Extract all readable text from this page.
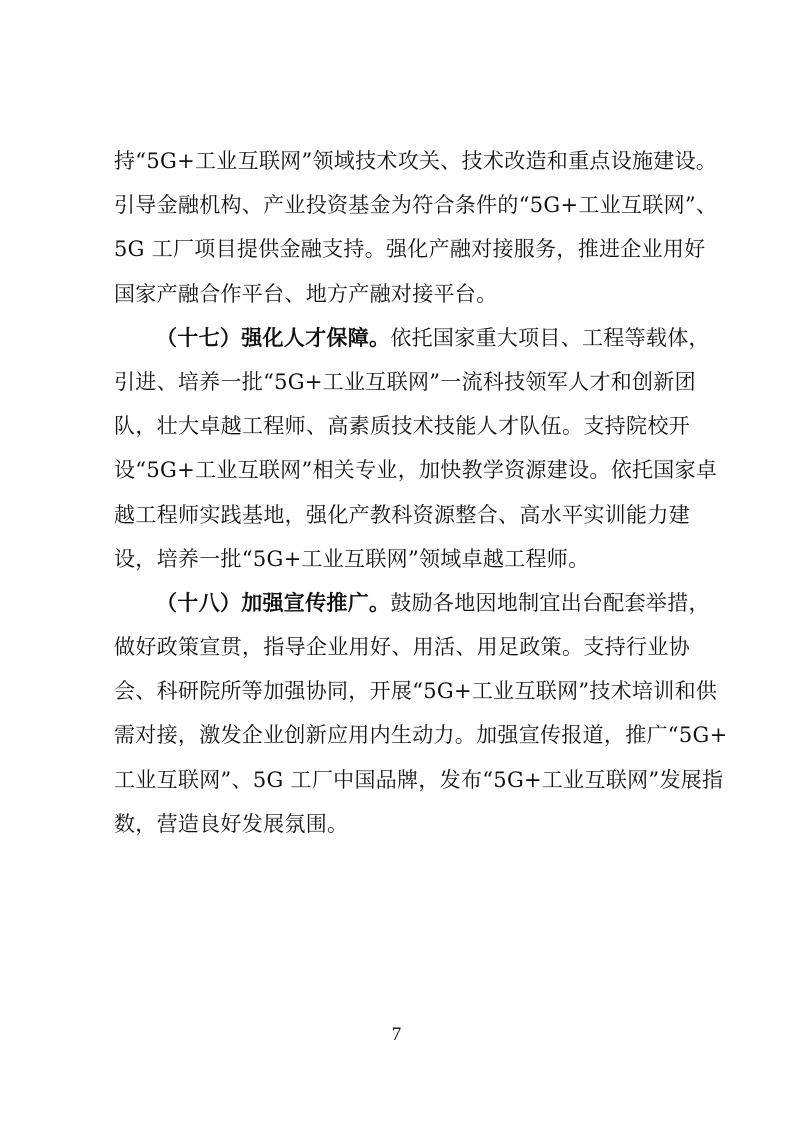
持“5G+工业互联网”领域技术攻关、技术改造和重点设施建设。
引导金融机构、产业投资基金为符合条件的“5G+工业互联网”、
5G 工厂项目提供金融支持。强化产融对接服务，推进企业用好
国家产融合作平台、地方产融对接平台。
（十七）强化人才保障。依托国家重大项目、工程等载体，
引进、培养一批“5G+工业互联网”一流科技领军人才和创新团
队，壮大卓越工程师、高素质技术技能人才队伍。支持院校开
设“5G+工业互联网”相关专业，加快教学资源建设。依托国家卓
越工程师实践基地，强化产教科资源整合、高水平实训能力建
设，培养一批“5G+工业互联网”领域卓越工程师。
（十八）加强宣传推广。鼓励各地因地制宜出台配套举措，
做好政策宣贯，指导企业用好、用活、用足政策。支持行业协
会、科研院所等加强协同，开展“5G+工业互联网”技术培训和供
需对接，激发企业创新应用内生动力。加强宣传报道，推广“5G+
工业互联网”、5G 工厂中国品牌，发布“5G+工业互联网”发展指
数，营造良好发展氛围。
7
